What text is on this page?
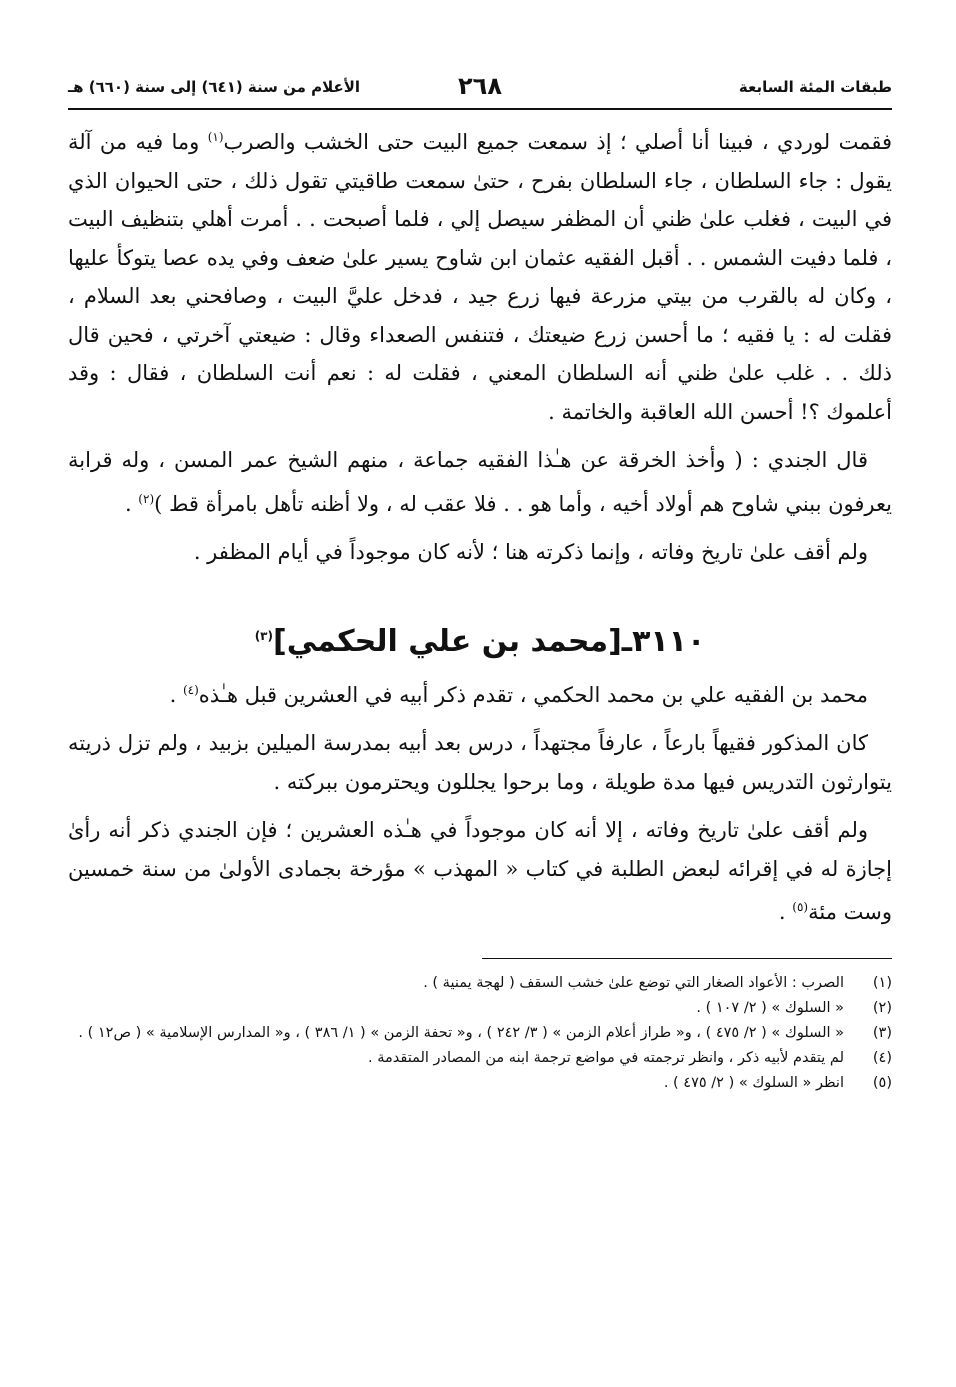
طبقات المئة السابعة
٢٦٨
الأعلام من سنة (٦٤١) إلى سنة (٦٦٠) هـ

فقمت لوردي ، فبينا أنا أصلي ؛ إذ سمعت جميع البيت حتى الخشب والصرب$^{(١)}$ وما فيه من آلة يقول : جاء السلطان ، جاء السلطان بفرح ، حتىٰ سمعت طاقيتي تقول ذلك ، حتى الحيوان الذي في البيت ، فغلب علىٰ ظني أن المظفر سيصل إلي ، فلما أصبحت . . أمرت أهلي بتنظيف البيت ، فلما دفيت الشمس . . أقبل الفقيه عثمان ابن شاوح يسير علىٰ ضعف وفي يده عصا يتوكأ عليها ، وكان له بالقرب من بيتي مزرعة فيها زرع جيد ، فدخل عليَّ البيت ، وصافحني بعد السلام ، فقلت له : يا فقيه ؛ ما أحسن زرع ضيعتك ، فتنفس الصعداء وقال : ضيعتي آخرتي ، فحين قال ذلك . . غلب علىٰ ظني أنه السلطان المعني ، فقلت له : نعم أنت السلطان ، فقال : وقد أعلموك ؟! أحسن الله العاقبة والخاتمة .

قال الجندي : ( وأخذ الخرقة عن هـٰذا الفقيه جماعة ، منهم الشيخ عمر المسن ، وله قرابة يعرفون ببني شاوح هم أولاد أخيه ، وأما هو . . فلا عقب له ، ولا أظنه تأهل بامرأة قط )$^{(٢)}$ .

ولم أقف علىٰ تاريخ وفاته ، وإنما ذكرته هنا ؛ لأنه كان موجوداً في أيام المظفر .

٣١١٠ـ[محمد بن علي الحكمي]$^{(٣)}$

محمد بن الفقيه علي بن محمد الحكمي ، تقدم ذكر أبيه في العشرين قبل هـٰذه$^{(٤)}$ .

كان المذكور فقيهاً بارعاً ، عارفاً مجتهداً ، درس بعد أبيه بمدرسة الميلين بزبيد ، ولم تزل ذريته يتوارثون التدريس فيها مدة طويلة ، وما برحوا يجللون ويحترمون ببركته .

ولم أقف علىٰ تاريخ وفاته ، إلا أنه كان موجوداً في هـٰذه العشرين ؛ فإن الجندي ذكر أنه رأىٰ إجازة له في إقرائه لبعض الطلبة في كتاب « المهذب » مؤرخة بجمادى الأولىٰ من سنة خمسين وست مئة$^{(٥)}$ .

(١)
الصرب : الأعواد الصغار التي توضع علىٰ خشب السقف ( لهجة يمنية ) .
(٢)
« السلوك » ( ٢/ ١٠٧ ) .
(٣)
« السلوك » ( ٢/ ٤٧٥ ) ، و« طراز أعلام الزمن » ( ٣/ ٢٤٢ ) ، و« تحفة الزمن » ( ١/ ٣٨٦ ) ، و« المدارس الإسلامية » ( ص١٢ ) .
(٤)
لم يتقدم لأبيه ذكر ، وانظر ترجمته في مواضع ترجمة ابنه من المصادر المتقدمة .
(٥)
انظر « السلوك » ( ٢/ ٤٧٥ ) .
